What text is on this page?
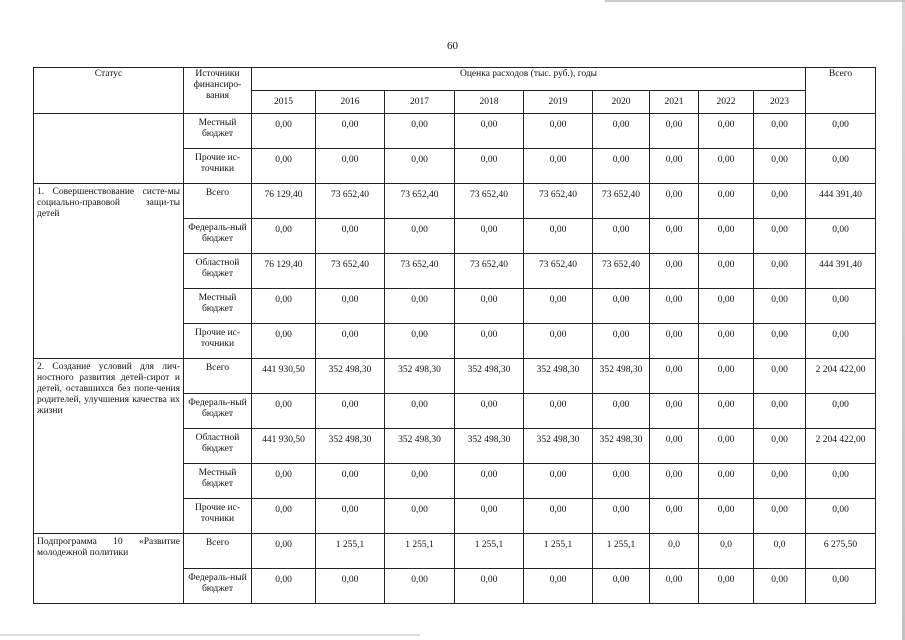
60
Статус	Источники финансиро-вания	Оценка расходов (тыс. руб.), годы									Всего
		2015	2016	2017	2018	2019	2020	2021	2022	2023	
	Местный бюджет	0,00	0,00	0,00	0,00	0,00	0,00	0,00	0,00	0,00	0,00
	Прочие ис-точники	0,00	0,00	0,00	0,00	0,00	0,00	0,00	0,00	0,00	0,00
1. Совершенствование систе-мы социально-правовой защи-ты детей	Всего	76 129,40	73 652,40	73 652,40	73 652,40	73 652,40	73 652,40	0,00	0,00	0,00	444 391,40
	Федераль-ный бюджет	0,00	0,00	0,00	0,00	0,00	0,00	0,00	0,00	0,00	0,00
	Областной бюджет	76 129,40	73 652,40	73 652,40	73 652,40	73 652,40	73 652,40	0,00	0,00	0,00	444 391,40
	Местный бюджет	0,00	0,00	0,00	0,00	0,00	0,00	0,00	0,00	0,00	0,00
	Прочие ис-точники	0,00	0,00	0,00	0,00	0,00	0,00	0,00	0,00	0,00	0,00
2. Создание условий для лич-ностного развития детей-сирот и детей, оставшихся без попе-чения родителей, улучшения качества их жизни	Всего	441 930,50	352 498,30	352 498,30	352 498,30	352 498,30	352 498,30	0,00	0,00	0,00	2 204 422,00
	Федераль-ный бюджет	0,00	0,00	0,00	0,00	0,00	0,00	0,00	0,00	0,00	0,00
	Областной бюджет	441 930,50	352 498,30	352 498,30	352 498,30	352 498,30	352 498,30	0,00	0,00	0,00	2 204 422,00
	Местный бюджет	0,00	0,00	0,00	0,00	0,00	0,00	0,00	0,00	0,00	0,00
	Прочие ис-точники	0,00	0,00	0,00	0,00	0,00	0,00	0,00	0,00	0,00	0,00
Подпрограмма 10 «Развитие молодежной политики	Всего	0,00	1 255,1	1 255,1	1 255,1	1 255,1	1 255,1	0,0	0,0	0,0	6 275,50
	Федераль-ный бюджет	0,00	0,00	0,00	0,00	0,00	0,00	0,00	0,00	0,00	0,00
